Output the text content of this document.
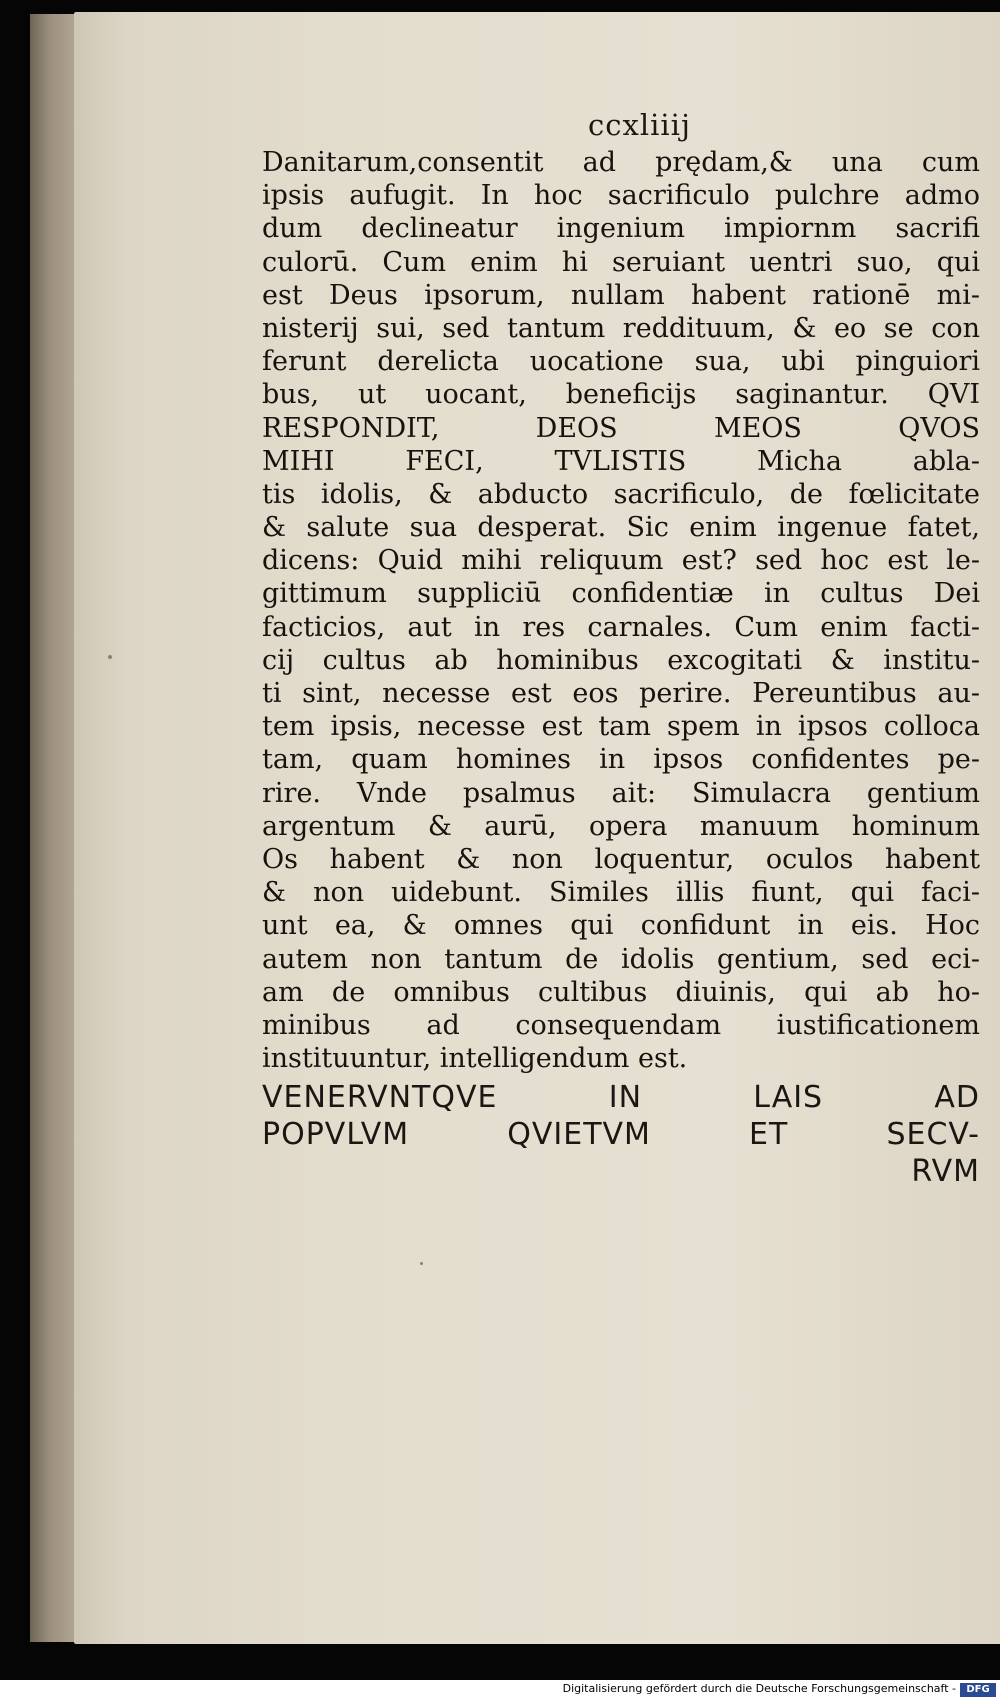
ccxliiij
Danitarum,consentit ad prędam,& una cum
ipsis aufugit. In hoc sacrificulo pulchre admo
dum declineatur ingenium impiornm sacrifi
culorū. Cum enim hi seruiant uentri suo, qui
est Deus ipsorum, nullam habent rationē mi-
nisterij sui, sed tantum reddituum, & eo se con
ferunt derelicta uocatione sua, ubi pinguiori
bus, ut uocant, beneficijs saginantur. QVI
RESPONDIT, DEOS MEOS QVOS
MIHI FECI, TVLISTIS Micha abla-
tis idolis, & abducto sacrificulo, de fœlicitate
& salute sua desperat. Sic enim ingenue fatet,
dicens: Quid mihi reliquum est? sed hoc est le-
gittimum suppliciū confidentiæ in cultus Dei
facticios, aut in res carnales. Cum enim facti-
cij cultus ab hominibus excogitati & institu-
ti sint, necesse est eos perire. Pereuntibus au-
tem ipsis, necesse est tam spem in ipsos colloca
tam, quam homines in ipsos confidentes pe-
rire. Vnde psalmus ait: Simulacra gentium
argentum & aurū, opera manuum hominum
Os habent & non loquentur, oculos habent
& non uidebunt. Similes illis fiunt, qui faci-
unt ea, & omnes qui confidunt in eis. Hoc
autem non tantum de idolis gentium, sed eci-
am de omnibus cultibus diuinis, qui ab ho-
minibus ad consequendam iustificationem
instituuntur, intelligendum est.
VENERVNTQVE IN LAIS AD
POPVLVM QVIETVM ET SECV-
RVM
Digitalisierung gefördert durch die Deutsche Forschungsgemeinschaft -	DFG
